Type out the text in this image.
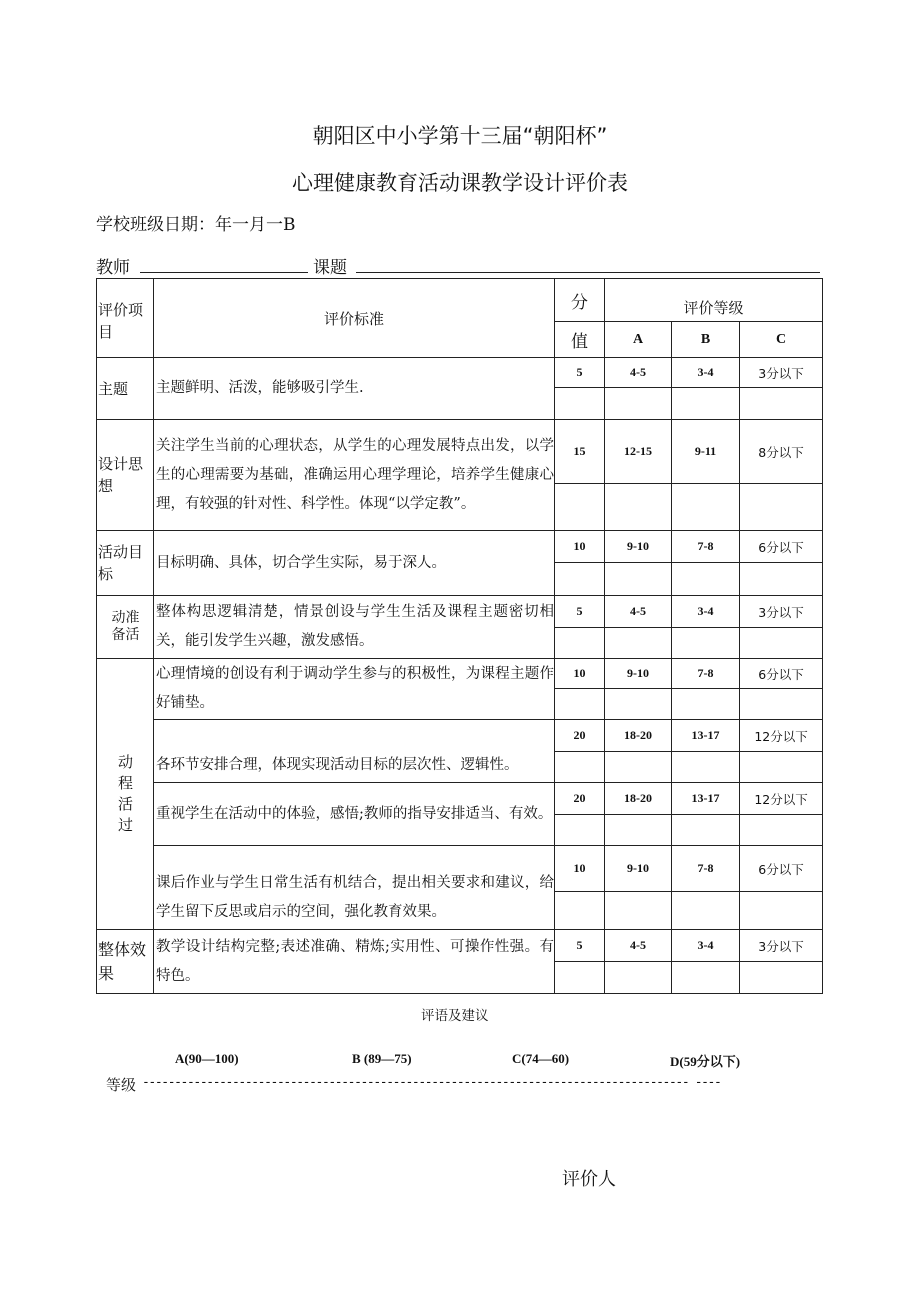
朝阳区中小学第十三届“朝阳杯”
心理健康教育活动课教学设计评价表
学校班级日期：年一月一B
教师	课题
评价项目	评价标准	分	评价等级		
		值	A	B	C
主题	主题鲜明、活泼，能够吸引学生.	5	4-5	3-4	3分以下

设计思想	关注学生当前的心理状态，从学生的心理发展特点出发，以学生的心理需要为基础，准确运用心理学理论，培养学生健康心理，有较强的针对性、科学性。体现“以学定教”。	15	12-15	9-11	8分以下

活动目标	目标明确、具体，切合学生实际，易于深人。	10	9-10	7-8	6分以下

动准备活	整体构思逻辑清楚，情景创设与学生生活及课程主题密切相关，能引发学生兴趣，激发感悟。	5	4-5	3-4	3分以下

动程活过	心理情境的创设有利于调动学生参与的积极性，为课程主题作好铺垫。	10	9-10	7-8	6分以下

	各环节安排合理，体现实现活动目标的层次性、逻辑性。	20	18-20	13-17	12分以下

	重视学生在活动中的体验，感悟;教师的指导安排适当、有效。	20	18-20	13-17	12分以下

	课后作业与学生日常生活有机结合，提出相关要求和建议，给学生留下反思或启示的空间，强化教育效果。	10	9-10	7-8	6分以下

整体效果	教学设计结构完整;表述准确、精炼;实用性、可操作性强。有特色。	5	4-5	3-4	3分以下

评语及建议
A(90—100)	B (89—75)	C(74—60)	D(59分以下)
等级 ------------------------------------------------------------------------------------- ----
评价人
